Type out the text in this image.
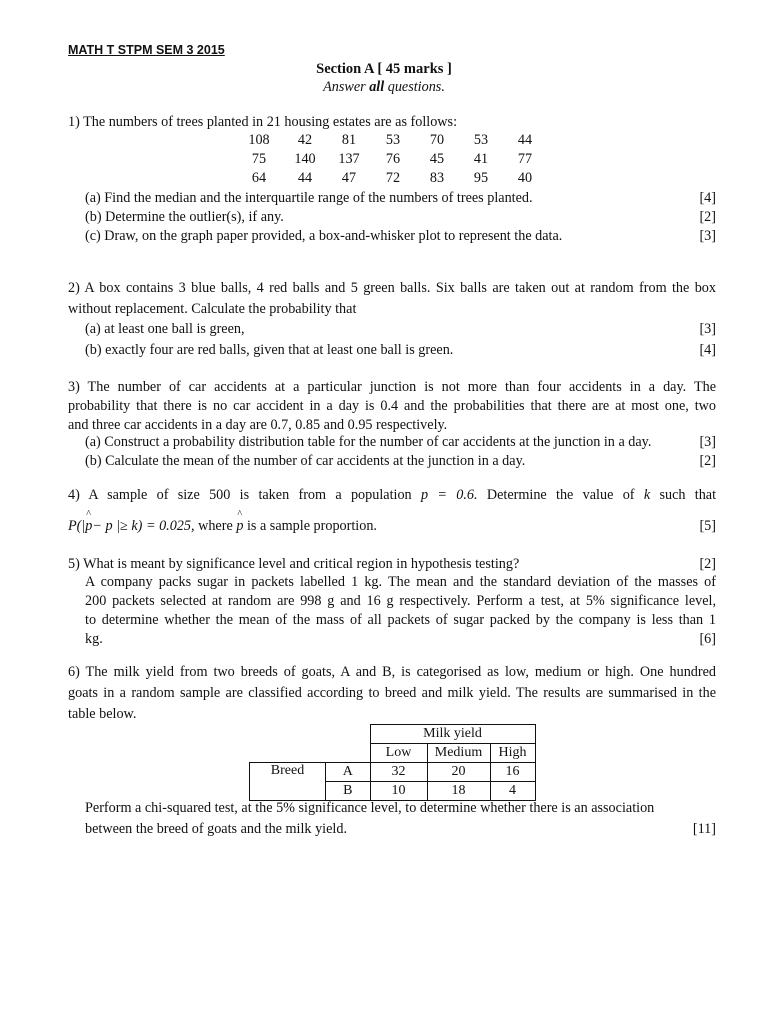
MATH T STPM SEM 3 2015
Section A [ 45 marks ]
Answer all questions.
1) The numbers of trees planted in 21 housing estates are as follows:
108	42	81	53	70	53	44
75	140	137	76	45	41	77
64	44	47	72	83	95	40
(a) Find the median and the interquartile range of the numbers of trees planted.	[4]
(b) Determine the outlier(s), if any.	[2]
(c) Draw, on the graph paper provided, a box-and-whisker plot to represent the data.	[3]
2) A box contains 3 blue balls, 4 red balls and 5 green balls. Six balls are taken out at random from the box
without replacement. Calculate the probability that
(a) at least one ball is green,	[3]
(b) exactly four are red balls, given that at least one ball is green.	[4]
3) The number of car accidents at a particular junction is not more than four accidents in a day. The
probability that there is no car accident in a day is 0.4 and the probabilities that there are at most one, two
and three car accidents in a day are 0.7, 0.85 and 0.95 respectively.
(a) Construct a probability distribution table for the number of car accidents at the junction in a day.	[3]
(b) Calculate the mean of the number of car accidents at the junction in a day.	[2]
4) A sample of size 500 is taken from a population p = 0.6. Determine the value of k such that
P(|^ p− p |≥ k) = 0.025, where ^ p is a sample proportion.	[5]
5) What is meant by significance level and critical region in hypothesis testing?	[2]
A company packs sugar in packets labelled 1 kg. The mean and the standard deviation of the masses of
200 packets selected at random are 998 g and 16 g respectively. Perform a test, at 5% significance level,
to determine whether the mean of the mass of all packets of sugar packed by the company is less than 1
kg.	[6]
6) The milk yield from two breeds of goats, A and B, is categorised as low, medium or high. One hundred
goats in a random sample are classified according to breed and milk yield. The results are summarised in the
table below.
		Milk yield		
		Low	Medium	High
Breed	A	32	20	16
	B	10	18	4
Perform a chi-squared test, at the 5% significance level, to determine whether there is an association
between the breed of goats and the milk yield.	[11]
